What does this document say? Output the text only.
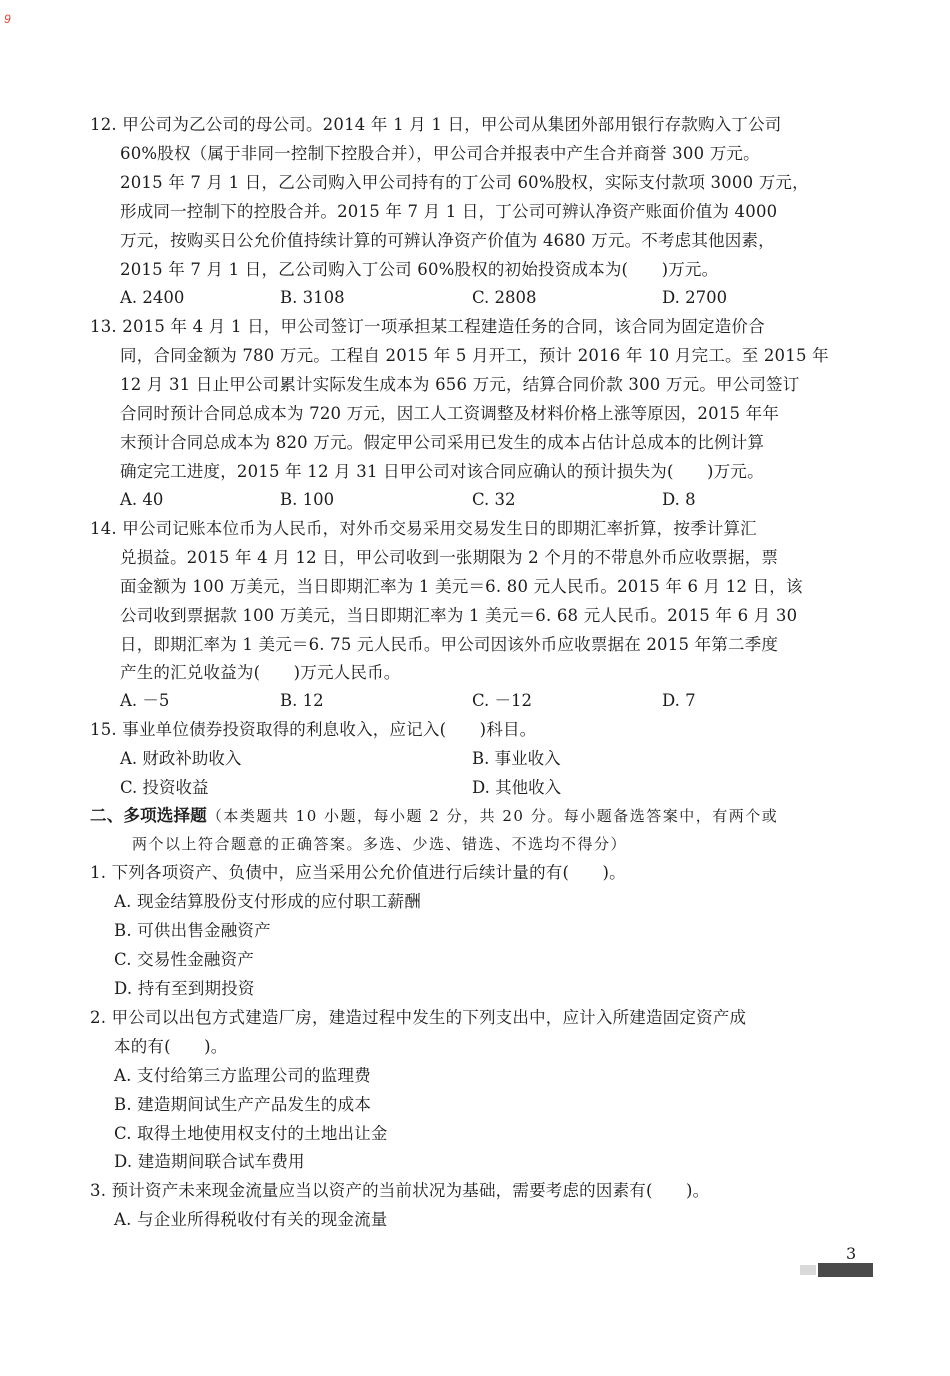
9
12. 甲公司为乙公司的母公司。2014 年 1 月 1 日，甲公司从集团外部用银行存款购入丁公司
60%股权（属于非同一控制下控股合并），甲公司合并报表中产生合并商誉 300 万元。
2015 年 7 月 1 日，乙公司购入甲公司持有的丁公司 60%股权，实际支付款项 3000 万元，
形成同一控制下的控股合并。2015 年 7 月 1 日，丁公司可辨认净资产账面价值为 4000
万元，按购买日公允价值持续计算的可辨认净资产价值为 4680 万元。不考虑其他因素，
2015 年 7 月 1 日，乙公司购入丁公司 60%股权的初始投资成本为(　　)万元。
A. 2400	B. 3108	C. 2808	D. 2700
13. 2015 年 4 月 1 日，甲公司签订一项承担某工程建造任务的合同，该合同为固定造价合
同，合同金额为 780 万元。工程自 2015 年 5 月开工，预计 2016 年 10 月完工。至 2015 年
12 月 31 日止甲公司累计实际发生成本为 656 万元，结算合同价款 300 万元。甲公司签订
合同时预计合同总成本为 720 万元，因工人工资调整及材料价格上涨等原因，2015 年年
末预计合同总成本为 820 万元。假定甲公司采用已发生的成本占估计总成本的比例计算
确定完工进度，2015 年 12 月 31 日甲公司对该合同应确认的预计损失为(　　)万元。
A. 40	B. 100	C. 32	D. 8
14. 甲公司记账本位币为人民币，对外币交易采用交易发生日的即期汇率折算，按季计算汇
兑损益。2015 年 4 月 12 日，甲公司收到一张期限为 2 个月的不带息外币应收票据，票
面金额为 100 万美元，当日即期汇率为 1 美元＝6. 80 元人民币。2015 年 6 月 12 日，该
公司收到票据款 100 万美元，当日即期汇率为 1 美元＝6. 68 元人民币。2015 年 6 月 30
日，即期汇率为 1 美元＝6. 75 元人民币。甲公司因该外币应收票据在 2015 年第二季度
产生的汇兑收益为(　　)万元人民币。
A. －5	B. 12	C. －12	D. 7
15. 事业单位债券投资取得的利息收入，应记入(　　)科目。
A. 财政补助收入	B. 事业收入
C. 投资收益	D. 其他收入
二、多项选择题（本类题共 10 小题，每小题 2 分，共 20 分。每小题备选答案中，有两个或
两个以上符合题意的正确答案。多选、少选、错选、不选均不得分）
1. 下列各项资产、负债中，应当采用公允价值进行后续计量的有(　　)。
A. 现金结算股份支付形成的应付职工薪酬
B. 可供出售金融资产
C. 交易性金融资产
D. 持有至到期投资
2. 甲公司以出包方式建造厂房，建造过程中发生的下列支出中，应计入所建造固定资产成
本的有(　　)。
A. 支付给第三方监理公司的监理费
B. 建造期间试生产产品发生的成本
C. 取得土地使用权支付的土地出让金
D. 建造期间联合试车费用
3. 预计资产未来现金流量应当以资产的当前状况为基础，需要考虑的因素有(　　)。
A. 与企业所得税收付有关的现金流量
3
